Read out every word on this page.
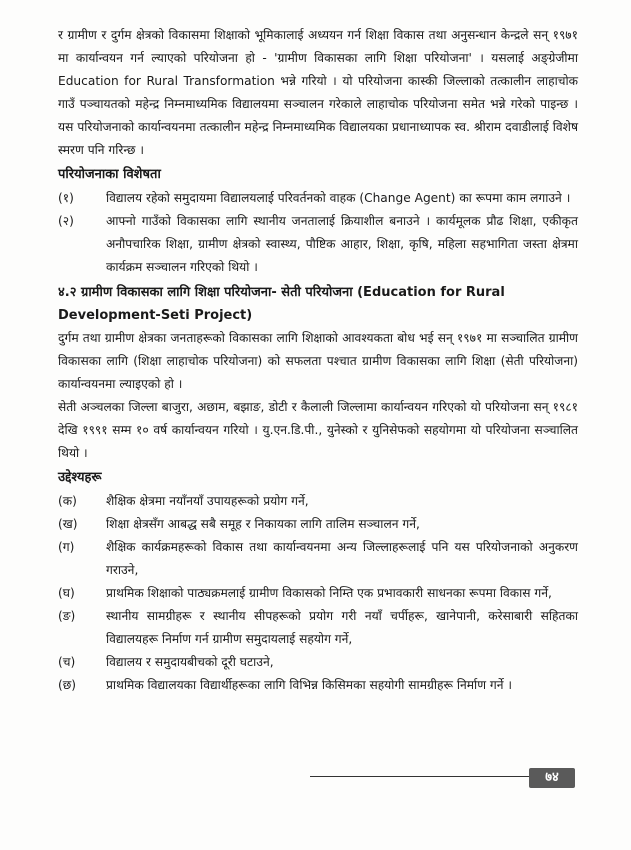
र ग्रामीण र दुर्गम क्षेत्रको विकासमा शिक्षाको भूमिकालाई अध्ययन गर्न शिक्षा विकास तथा अनुसन्धान केन्द्रले सन् १९७१ मा कार्यान्वयन गर्न ल्याएको परियोजना हो - 'ग्रामीण विकासका लागि शिक्षा परियोजना' । यसलाई अङ्ग्रेजीमा Education for Rural Transformation भन्ने गरियो । यो परियोजना कास्की जिल्लाको तत्कालीन लाहाचोक गाउँ पञ्चायतको महेन्द्र निम्नमाध्यमिक विद्यालयमा सञ्चालन गरेकाले लाहाचोक परियोजना समेत भन्ने गरेको पाइन्छ । यस परियोजनाको कार्यान्वयनमा तत्कालीन महेन्द्र निम्नमाध्यमिक विद्यालयका प्रधानाध्यापक स्व. श्रीराम दवाडीलाई विशेष स्मरण पनि गरिन्छ ।

परियोजनाका विशेषता
(१)	विद्यालय रहेको समुदायमा विद्यालयलाई परिवर्तनको वाहक (Change Agent) का रूपमा काम लगाउने ।
(२)	आफ्नो गाउँको विकासका लागि स्थानीय जनतालाई क्रियाशील बनाउने । कार्यमूलक प्रौढ शिक्षा, एकीकृत अनौपचारिक शिक्षा, ग्रामीण क्षेत्रको स्वास्थ्य, पौष्टिक आहार, शिक्षा, कृषि, महिला सहभागिता जस्ता क्षेत्रमा कार्यक्रम सञ्चालन गरिएको थियो ।
४.२ ग्रामीण विकासका लागि शिक्षा परियोजना- सेती परियोजना (Education for Rural Development-Seti Project)

दुर्गम तथा ग्रामीण क्षेत्रका जनताहरूको विकासका लागि शिक्षाको आवश्यकता बोध भई सन् १९७१ मा सञ्चालित ग्रामीण विकासका लागि (शिक्षा लाहाचोक परियोजना) को सफलता पश्चात ग्रामीण विकासका लागि शिक्षा (सेती परियोजना) कार्यान्वयनमा ल्याइएको हो ।

सेती अञ्चलका जिल्ला बाजुरा, अछाम, बझाङ, डोटी र कैलाली जिल्लामा कार्यान्वयन गरिएको यो परियोजना सन् १९८१ देखि १९९१ सम्म १० वर्ष कार्यान्वयन गरियो । यु.एन.डि.पी., युनेस्को र युनिसेफको सहयोगमा यो परियोजना सञ्चालित थियो ।

उद्देश्यहरू
(क)	शैक्षिक क्षेत्रमा नयाँनयाँ उपायहरूको प्रयोग गर्ने,
(ख)	शिक्षा क्षेत्रसँग आबद्ध सबै समूह र निकायका लागि तालिम सञ्चालन गर्ने,
(ग)	शैक्षिक कार्यक्रमहरूको विकास तथा कार्यान्वयनमा अन्य जिल्लाहरूलाई पनि यस परियोजनाको अनुकरण गराउने,
(घ)	प्राथमिक शिक्षाको पाठ्यक्रमलाई ग्रामीण विकासको निम्ति एक प्रभावकारी साधनका रूपमा विकास गर्ने,
(ङ)	स्थानीय सामग्रीहरू र स्थानीय सीपहरूको प्रयोग गरी नयाँ चर्पीहरू, खानेपानी, करेसाबारी सहितका विद्यालयहरू निर्माण गर्न ग्रामीण समुदायलाई सहयोग गर्ने,
(च)	विद्यालय र समुदायबीचको दूरी घटाउने,
(छ)	प्राथमिक विद्यालयका विद्यार्थीहरूका लागि विभिन्न किसिमका सहयोगी सामग्रीहरू निर्माण गर्ने ।
७४
